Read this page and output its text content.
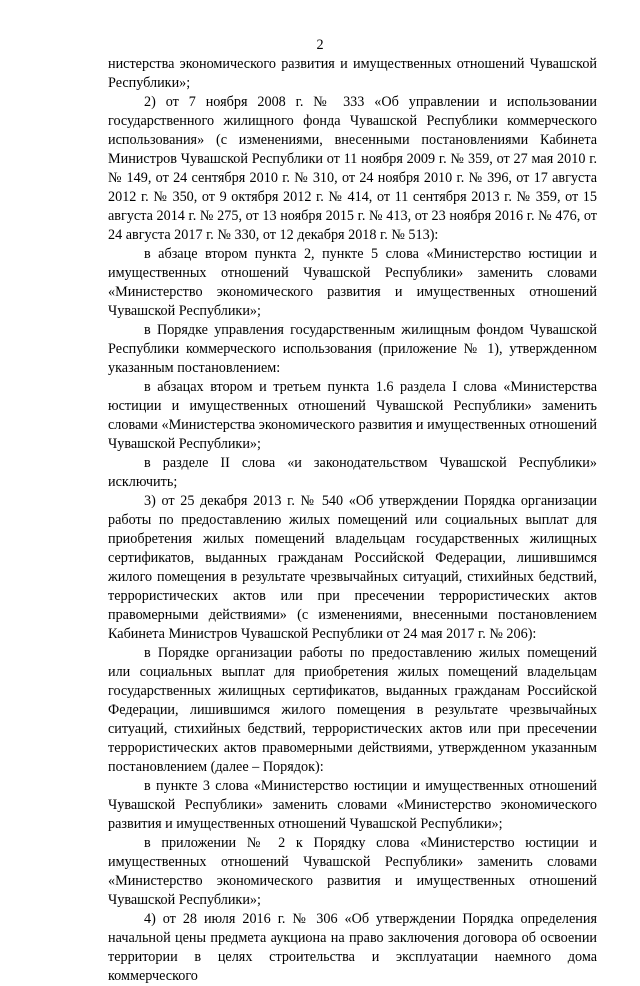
2

нистерства экономического развития и имущественных отношений Чувашской Республики»;

2) от 7 ноября 2008 г. № 333 «Об управлении и использовании государственного жилищного фонда Чувашской Республики коммерческого использования» (с изменениями, внесенными постановлениями Кабинета Министров Чувашской Республики от 11 ноября 2009 г. № 359, от 27 мая 2010 г. № 149, от 24 сентября 2010 г. № 310, от 24 ноября 2010 г. № 396, от 17 августа 2012 г. № 350, от 9 октября 2012 г. № 414, от 11 сентября 2013 г. № 359, от 15 августа 2014 г. № 275, от 13 ноября 2015 г. № 413, от 23 ноября 2016 г. № 476, от 24 августа 2017 г. № 330, от 12 декабря 2018 г. № 513):

в абзаце втором пункта 2, пункте 5 слова «Министерство юстиции и имущественных отношений Чувашской Республики» заменить словами «Министерство экономического развития и имущественных отношений Чувашской Республики»;

в Порядке управления государственным жилищным фондом Чувашской Республики коммерческого использования (приложение № 1), утвержденном указанным постановлением:

в абзацах втором и третьем пункта 1.6 раздела I слова «Министерства юстиции и имущественных отношений Чувашской Республики» заменить словами «Министерства экономического развития и имущественных отношений Чувашской Республики»;

в разделе II слова «и законодательством Чувашской Республики» исключить;

3) от 25 декабря 2013 г. № 540 «Об утверждении Порядка организации работы по предоставлению жилых помещений или социальных выплат для приобретения жилых помещений владельцам государственных жилищных сертификатов, выданных гражданам Российской Федерации, лишившимся жилого помещения в результате чрезвычайных ситуаций, стихийных бедствий, террористических актов или при пресечении террористических актов правомерными действиями» (с изменениями, внесенными постановлением Кабинета Министров Чувашской Республики от 24 мая 2017 г. № 206):

в Порядке организации работы по предоставлению жилых помещений или социальных выплат для приобретения жилых помещений владельцам государственных жилищных сертификатов, выданных гражданам Российской Федерации, лишившимся жилого помещения в результате чрезвычайных ситуаций, стихийных бедствий, террористических актов или при пресечении террористических актов правомерными действиями, утвержденном указанным постановлением (далее – Порядок):

в пункте 3 слова «Министерство юстиции и имущественных отношений Чувашской Республики» заменить словами «Министерство экономического развития и имущественных отношений Чувашской Республики»;

в приложении № 2 к Порядку слова «Министерство юстиции и имущественных отношений Чувашской Республики» заменить словами «Министерство экономического развития и имущественных отношений Чувашской Республики»;

4) от 28 июля 2016 г. № 306 «Об утверждении Порядка определения начальной цены предмета аукциона на право заключения договора об освоении территории в целях строительства и эксплуатации наемного дома коммерческого
